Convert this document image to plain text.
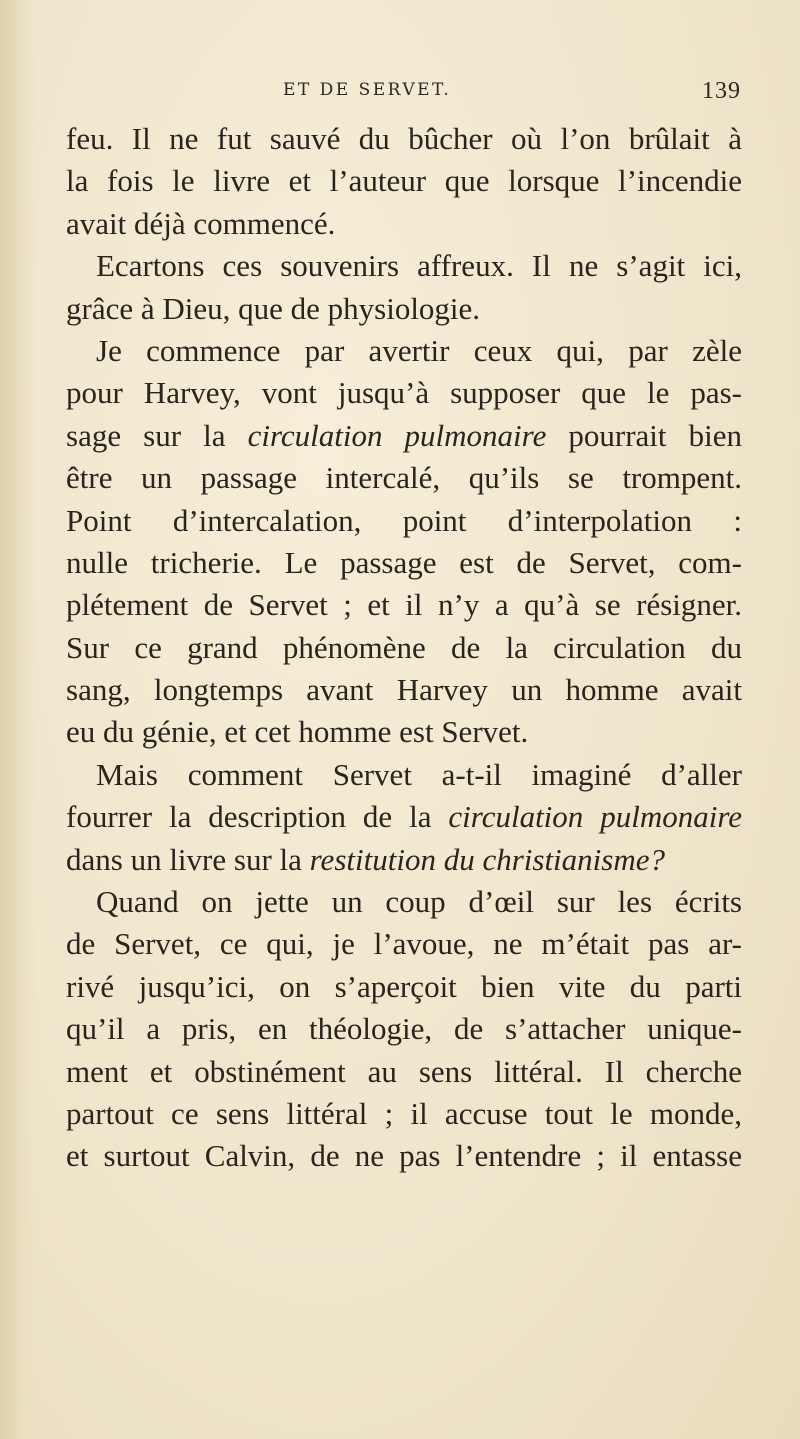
ET DE SERVET.	139
feu. Il ne fut sauvé du bûcher où l’on brûlait à
la fois le livre et l’auteur que lorsque l’incendie
avait déjà commencé.
Ecartons ces souvenirs affreux. Il ne s’agit ici,
grâce à Dieu, que de physiologie.
Je commence par avertir ceux qui, par zèle
pour Harvey, vont jusqu’à supposer que le pas-
sage sur la circulation pulmonaire pourrait bien
être un passage intercalé, qu’ils se trompent.
Point d’intercalation, point d’interpolation :
nulle tricherie. Le passage est de Servet, com-
plétement de Servet ; et il n’y a qu’à se résigner.
Sur ce grand phénomène de la circulation du
sang, longtemps avant Harvey un homme avait
eu du génie, et cet homme est Servet.
Mais comment Servet a-t-il imaginé d’aller
fourrer la description de la circulation pulmonaire
dans un livre sur la restitution du christianisme?
Quand on jette un coup d’œil sur les écrits
de Servet, ce qui, je l’avoue, ne m’était pas ar-
rivé jusqu’ici, on s’aperçoit bien vite du parti
qu’il a pris, en théologie, de s’attacher unique-
ment et obstinément au sens littéral. Il cherche
partout ce sens littéral ; il accuse tout le monde,
et surtout Calvin, de ne pas l’entendre ; il entasse
